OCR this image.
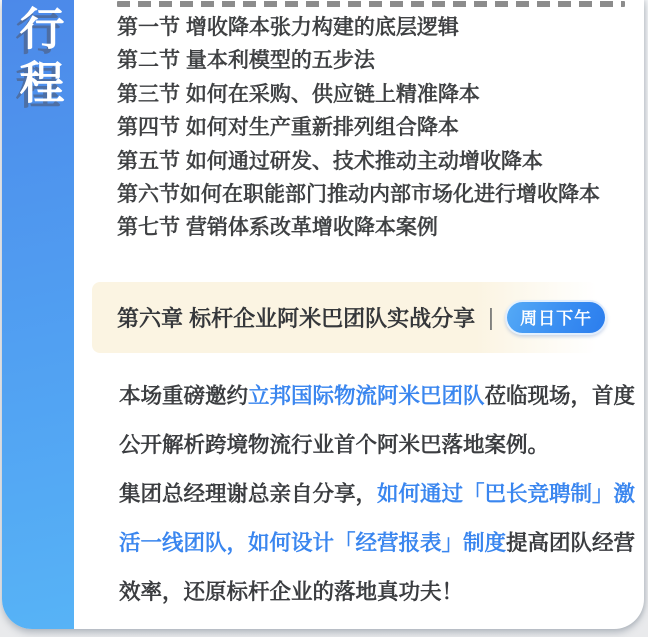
行程	第一节 增收降本张力构建的底层逻辑
第二节 量本利模型的五步法
第三节 如何在采购、供应链上精准降本
第四节 如何对生产重新排列组合降本
第五节 如何通过研发、技术推动主动增收降本
第六节如何在职能部门推动内部市场化进行增收降本
第七节 营销体系改革增收降本案例
第六章 标杆企业阿米巴团队实战分享 |	周日下午
本场重磅邀约立邦国际物流阿米巴团队莅临现场，首度
公开解析跨境物流行业首个阿米巴落地案例。
集团总经理谢总亲自分享，如何通过「巴长竞聘制」激
活一线团队，如何设计「经营报表」制度提高团队经营
效率，还原标杆企业的落地真功夫！
